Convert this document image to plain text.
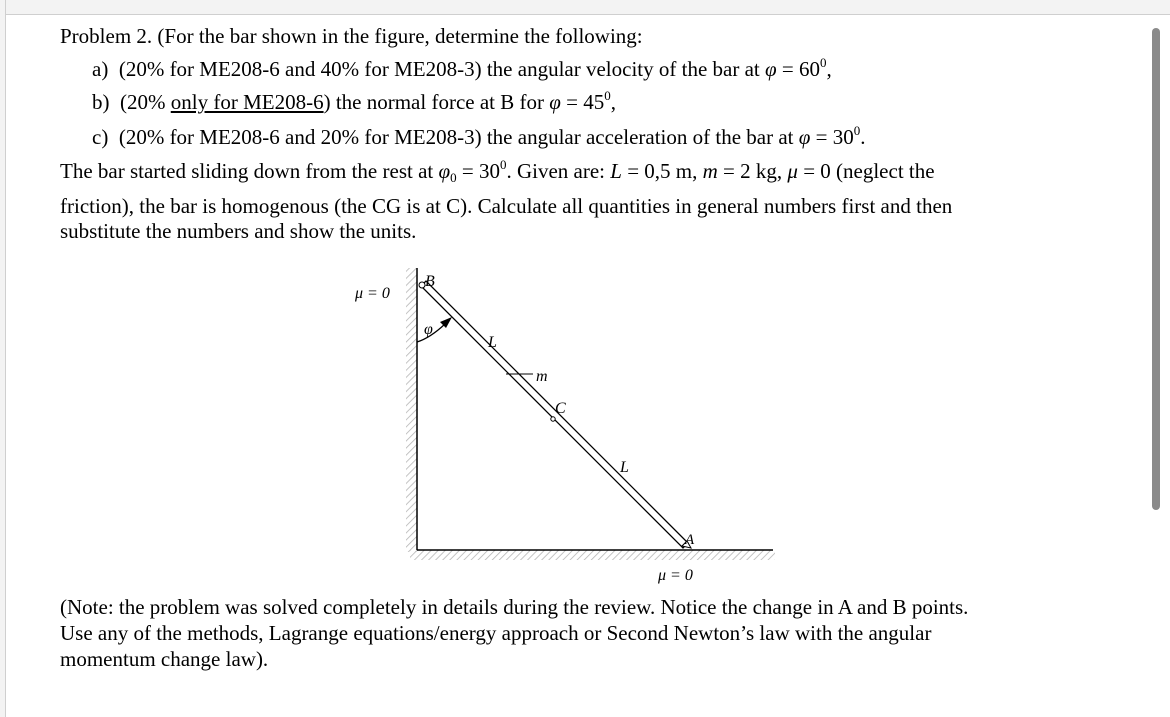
Problem 2. (For the bar shown in the figure, determine the following:
a) (20% for ME208-6 and 40% for ME208-3) the angular velocity of the bar at $\varphi = 60^0$,
b) (20% only for ME208-6) the normal force at B for $\varphi = 45^0$,
c) (20% for ME208-6 and 20% for ME208-3) the angular acceleration of the bar at $\varphi = 30^0$.
The bar started sliding down from the rest at $\varphi_0 = 30^0$. Given are: L = 0,5 m, m = 2 kg, μ = 0 (neglect the
friction), the bar is homogenous (the CG is at C). Calculate all quantities in general numbers first and then
substitute the numbers and show the units.
μ = 0
B
φ
L
m
C
L
A
μ = 0
(Note: the problem was solved completely in details during the review. Notice the change in A and B points.
Use any of the methods, Lagrange equations/energy approach or Second Newton’s law with the angular
momentum change law).
